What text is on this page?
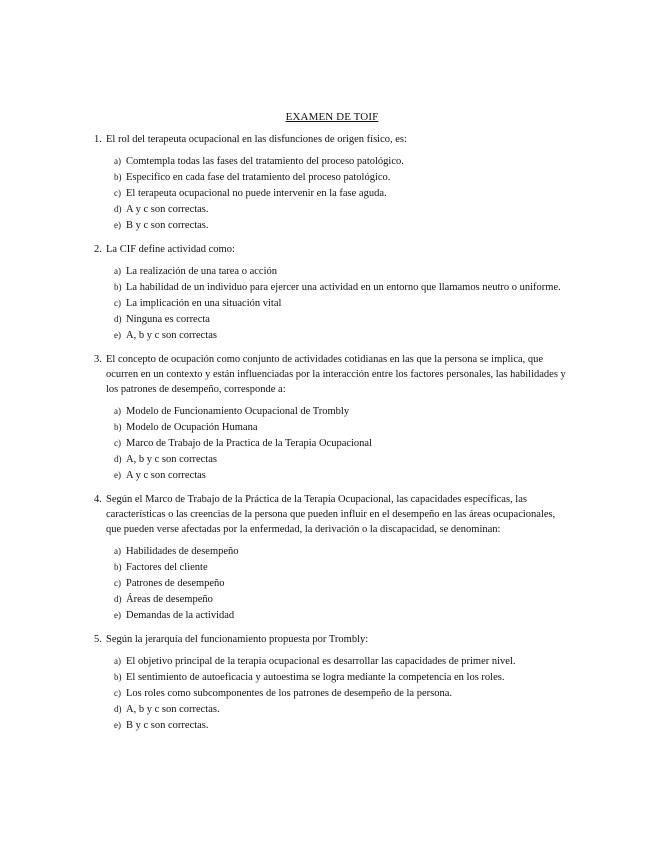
EXAMEN DE TOIF
1. El rol del terapeuta ocupacional en las disfunciones de origen físico, es:
a) Comtempla todas las fases del tratamiento del proceso patológico.
b) Especifico en cada fase del tratamiento del proceso patológico.
c) El terapeuta ocupacional no puede intervenir en la fase aguda.
d) A y c son correctas.
e) B y c son correctas.
2. La CIF define actividad como:
a) La realización de una tarea o acción
b) La habilidad de un individuo para ejercer una actividad en un entorno que llamamos neutro o uniforme.
c) La implicación en una situación vital
d) Ninguna es correcta
e) A, b y c son correctas
3. El concepto de ocupación como conjunto de actividades cotidianas en las que la persona se implica, que ocurren en un contexto y están influenciadas por la interacción entre los factores personales, las habilidades y los patrones de desempeño, corresponde a:
a) Modelo de Funcionamiento Ocupacional de Trombly
b) Modelo de Ocupación Humana
c) Marco de Trabajo de la Practica de la Terapia Ocupacional
d) A, b y c son correctas
e) A y c son correctas
4. Según el Marco de Trabajo de la Práctica de la Terapia Ocupacional, las capacidades específicas, las características o las creencias de la persona que pueden influir en el desempeño en las áreas ocupacionales, que pueden verse afectadas por la enfermedad, la derivación o la discapacidad, se denominan:
a) Habilidades de desempeño
b) Factores del cliente
c) Patrones de desempeño
d) Áreas de desempeño
e) Demandas de la actividad
5. Según la jerarquía del funcionamiento propuesta por Trombly:
a) El objetivo principal de la terapia ocupacional es desarrollar las capacidades de primer nivel.
b) El sentimiento de autoeficacia y autoestima se logra mediante la competencia en los roles.
c) Los roles como subcomponentes de los patrones de desempeño de la persona.
d) A, b y c son correctas.
e) B y c son correctas.
